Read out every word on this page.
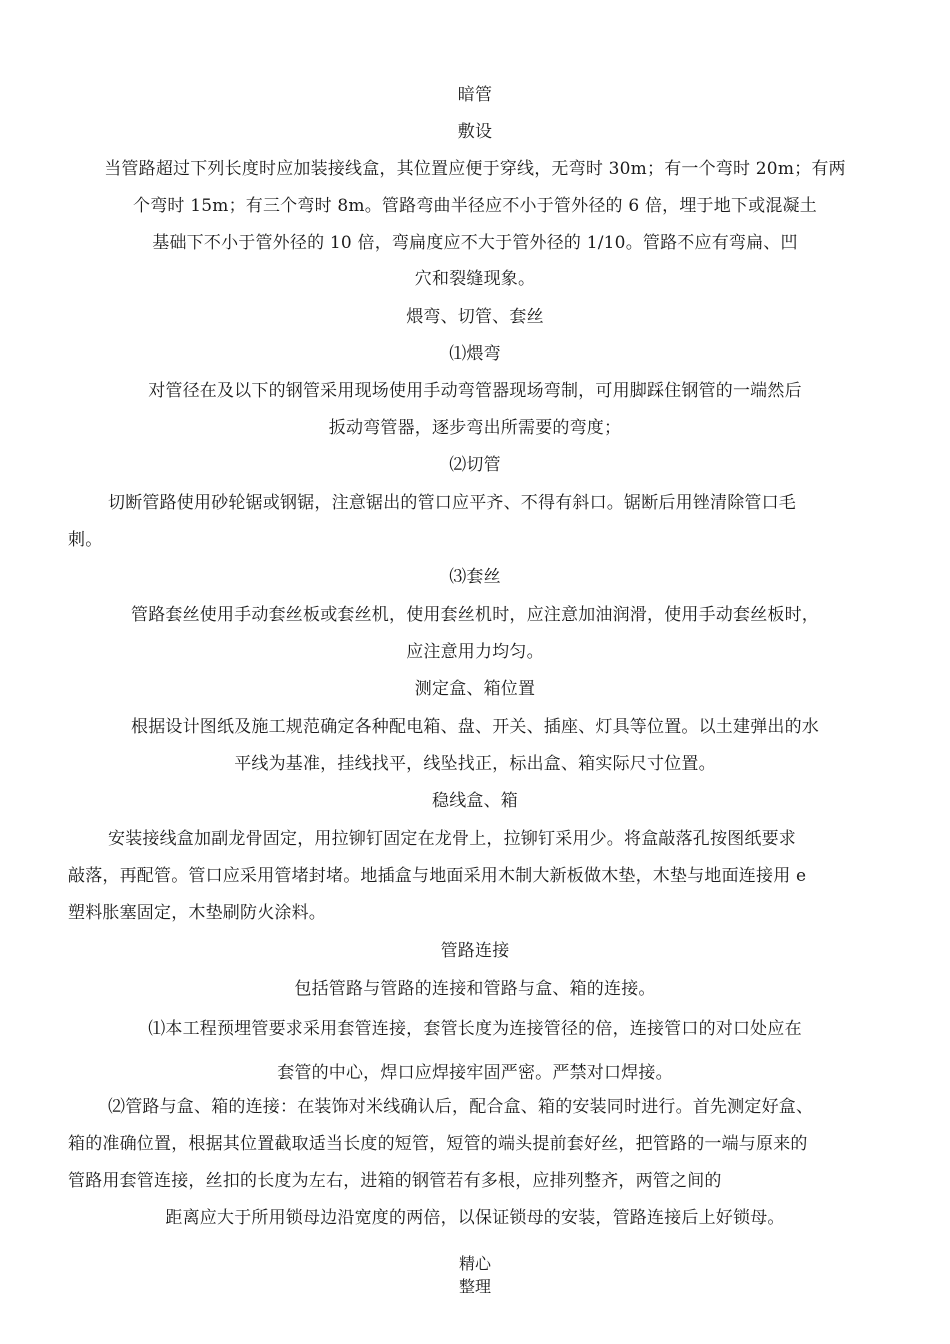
暗管
敷设
当管路超过下列长度时应加装接线盒，其位置应便于穿线，无弯时 30m；有一个弯时 20m；有两
个弯时 15m；有三个弯时 8m。管路弯曲半径应不小于管外径的 6 倍，埋于地下或混凝土
基础下不小于管外径的 10 倍，弯扁度应不大于管外径的 1/10。管路不应有弯扁、凹
穴和裂缝现象。
煨弯、切管、套丝
⑴煨弯
对管径在及以下的钢管采用现场使用手动弯管器现场弯制，可用脚踩住钢管的一端然后
扳动弯管器，逐步弯出所需要的弯度；
⑵切管
切断管路使用砂轮锯或钢锯，注意锯出的管口应平齐、不得有斜口。锯断后用锉清除管口毛
刺。
⑶套丝
管路套丝使用手动套丝板或套丝机，使用套丝机时，应注意加油润滑，使用手动套丝板时，
应注意用力均匀。
测定盒、箱位置
根据设计图纸及施工规范确定各种配电箱、盘、开关、插座、灯具等位置。以土建弹出的水
平线为基准，挂线找平，线坠找正，标出盒、箱实际尺寸位置。
稳线盒、箱
安装接线盒加副龙骨固定，用拉铆钉固定在龙骨上，拉铆钉采用少。将盒敲落孔按图纸要求
敲落，再配管。管口应采用管堵封堵。地插盒与地面采用木制大新板做木垫，木垫与地面连接用 e
塑料胀塞固定，木垫刷防火涂料。
管路连接
包括管路与管路的连接和管路与盒、箱的连接。
⑴本工程预埋管要求采用套管连接，套管长度为连接管径的倍，连接管口的对口处应在
套管的中心，焊口应焊接牢固严密。严禁对口焊接。
⑵管路与盒、箱的连接：在装饰对米线确认后，配合盒、箱的安装同时进行。首先测定好盒、
箱的准确位置，根据其位置截取适当长度的短管，短管的端头提前套好丝，把管路的一端与原来的
管路用套管连接，丝扣的长度为左右，进箱的钢管若有多根，应排列整齐，两管之间的
距离应大于所用锁母边沿宽度的两倍，以保证锁母的安装，管路连接后上好锁母。
精心
整理
